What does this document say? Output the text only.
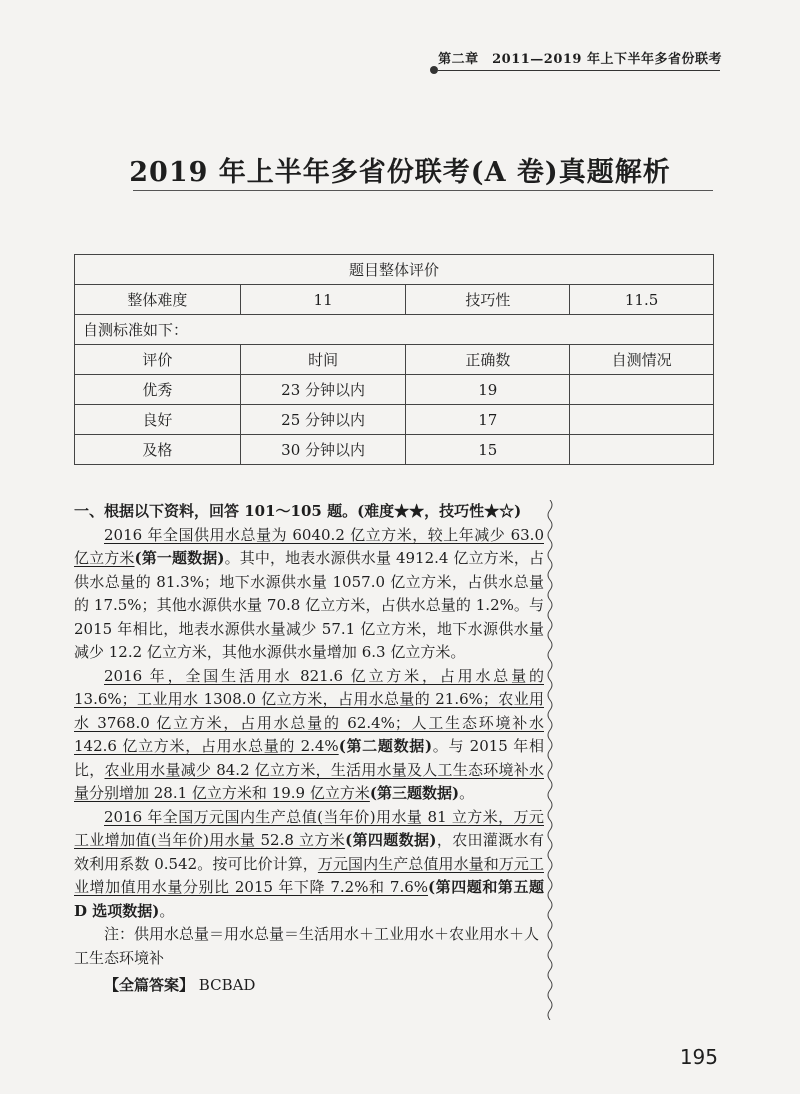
第二章　2011—2019 年上下半年多省份联考
2019 年上半年多省份联考(A 卷)真题解析
题目整体评价			
整体难度	11	技巧性	11.5
自测标准如下：			
评价	时间	正确数	自测情况
优秀	23 分钟以内	19	
良好	25 分钟以内	17	
及格	30 分钟以内	15	

一、根据以下资料，回答 101～105 题。(难度★★，技巧性★☆)

2016 年全国供用水总量为 6040.2 亿立方米，较上年减少 63.0 亿立方米(第一题数据)。其中，地表水源供水量 4912.4 亿立方米，占供水总量的 81.3%；地下水源供水量 1057.0 亿立方米，占供水总量的 17.5%；其他水源供水量 70.8 亿立方米，占供水总量的 1.2%。与 2015 年相比，地表水源供水量减少 57.1 亿立方米，地下水源供水量减少 12.2 亿立方米，其他水源供水量增加 6.3 亿立方米。

2016 年，全国生活用水 821.6 亿立方米，占用水总量的 13.6%；工业用水 1308.0 亿立方米，占用水总量的 21.6%；农业用水 3768.0 亿立方米，占用水总量的 62.4%；人工生态环境补水 142.6 亿立方米，占用水总量的 2.4%(第二题数据)。与 2015 年相比，农业用水量减少 84.2 亿立方米，生活用水量及人工生态环境补水量分别增加 28.1 亿立方米和 19.9 亿立方米(第三题数据)。

2016 年全国万元国内生产总值(当年价)用水量 81 立方米，万元工业增加值(当年价)用水量 52.8 立方米(第四题数据)，农田灌溉水有效利用系数 0.542。按可比价计算，万元国内生产总值用水量和万元工业增加值用水量分别比 2015 年下降 7.2%和 7.6%(第四题和第五题 D 选项数据)。

注：供用水总量＝用水总量＝生活用水＋工业用水＋农业用水＋人工生态环境补

【全篇答案】 BCBAD

195
